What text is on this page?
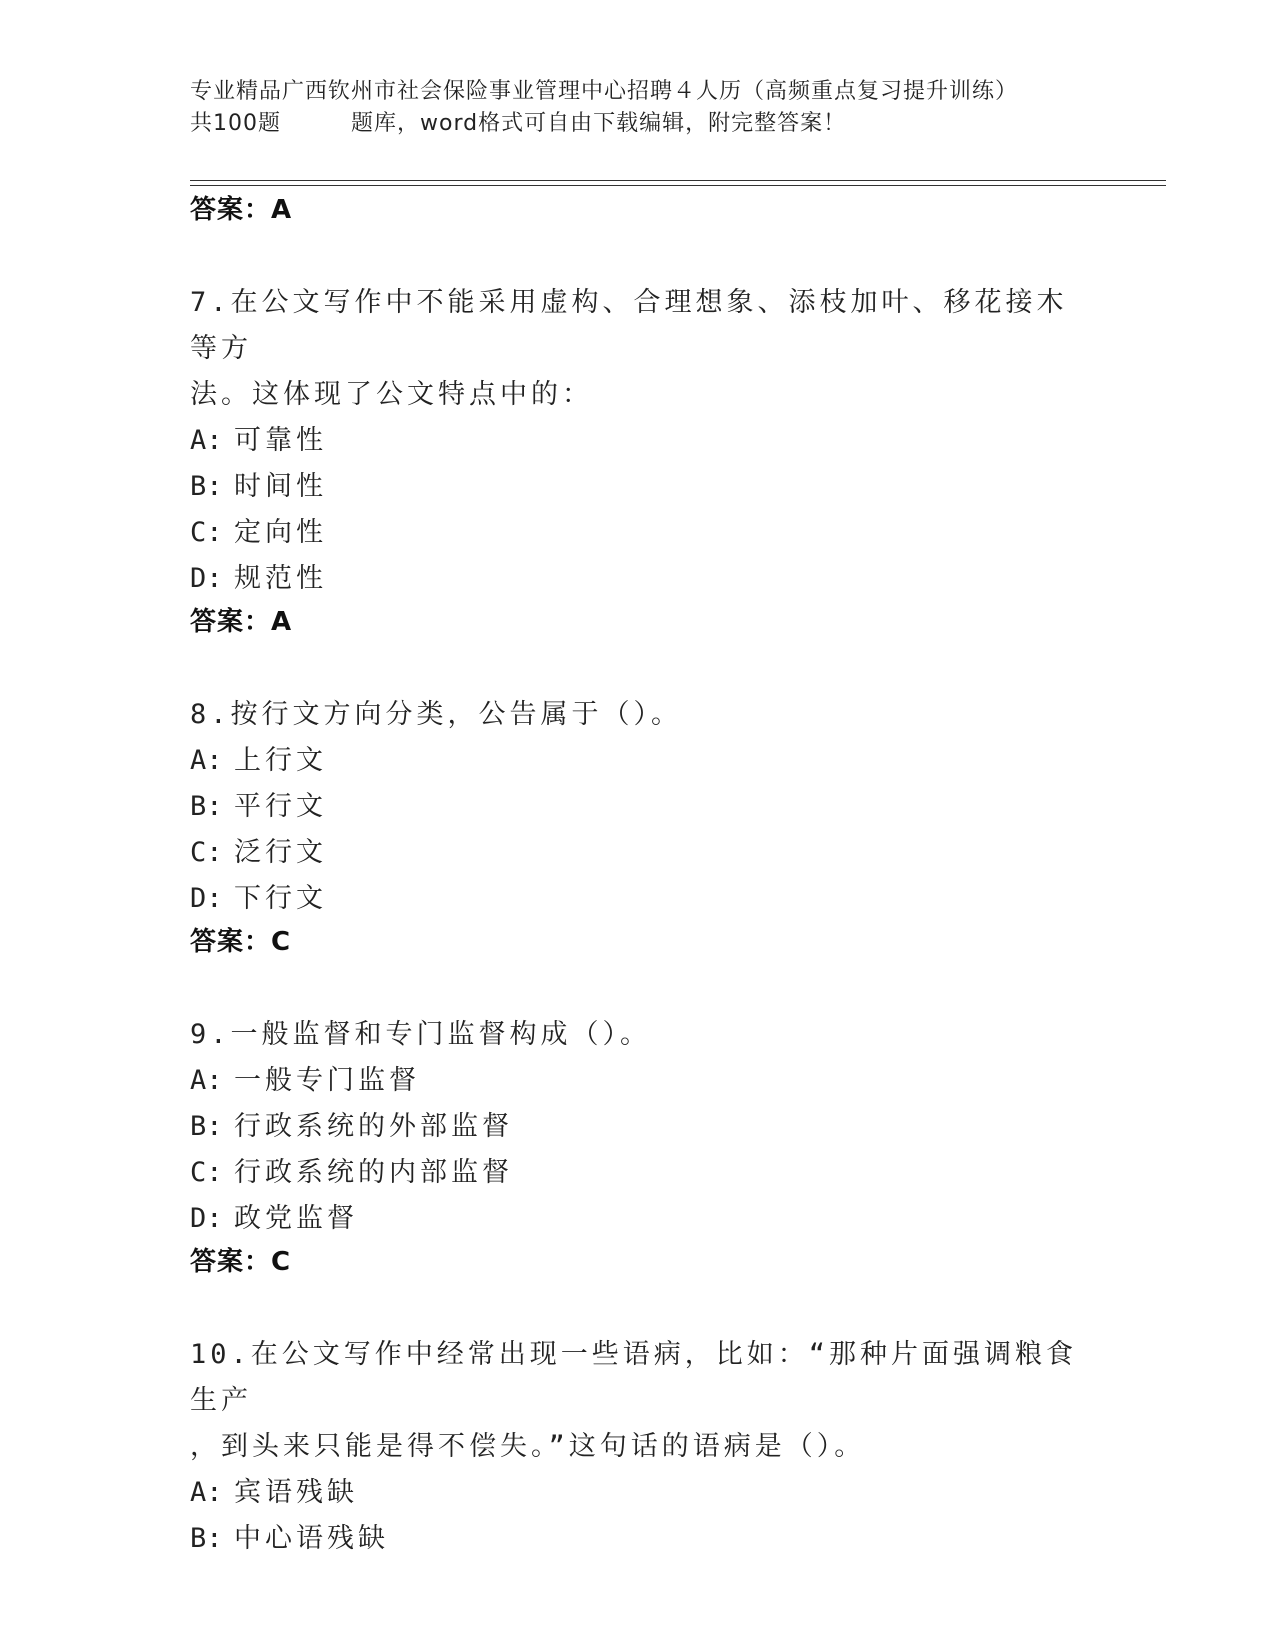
专业精品广西钦州市社会保险事业管理中心招聘４人历（高频重点复习提升训练）
共100题	题库，word格式可自由下载编辑，附完整答案！
答案：A
7.在公文写作中不能采用虚构、合理想象、添枝加叶、移花接木等方
法。这体现了公文特点中的：
A: 可靠性
B: 时间性
C: 定向性
D: 规范性
答案：A
8.按行文方向分类，公告属于（）。
A: 上行文
B: 平行文
C: 泛行文
D: 下行文
答案：C
9.一般监督和专门监督构成（）。
A: 一般专门监督
B: 行政系统的外部监督
C: 行政系统的内部监督
D: 政党监督
答案：C
10.在公文写作中经常出现一些语病，比如：“那种片面强调粮食生产
，到头来只能是得不偿失。”这句话的语病是（）。
A: 宾语残缺
B: 中心语残缺
